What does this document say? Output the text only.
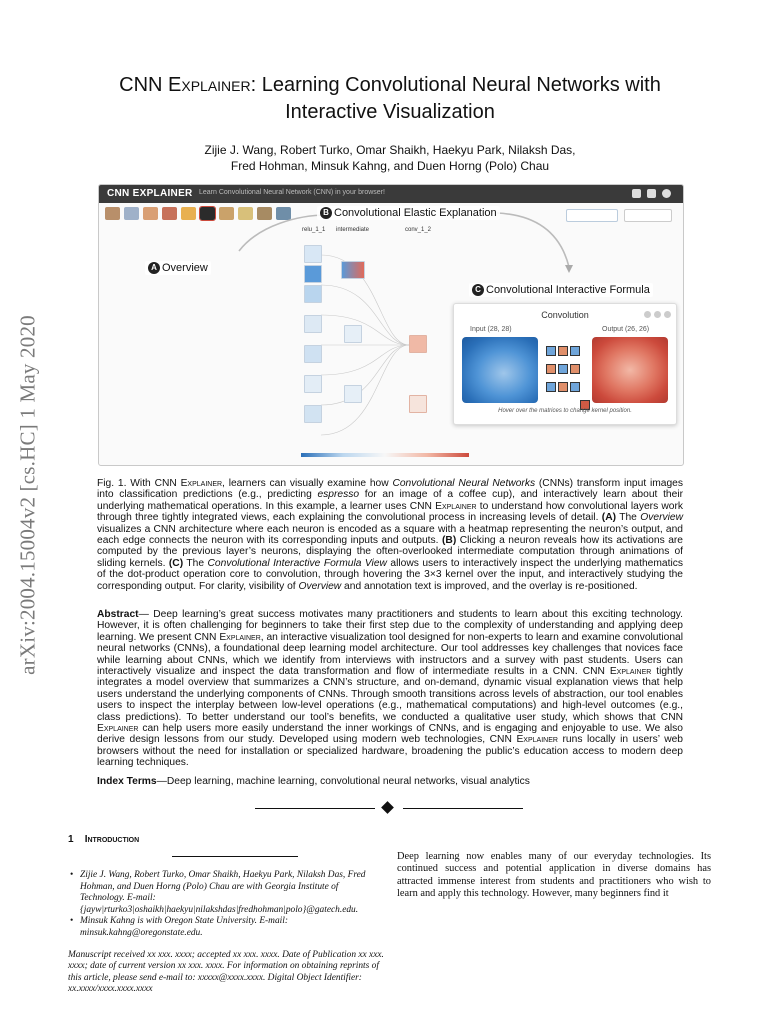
arXiv:2004.15004v2 [cs.HC] 1 May 2020
CNN Explainer: Learning Convolutional Neural Networks with
Interactive Visualization
Zijie J. Wang, Robert Turko, Omar Shaikh, Haekyu Park, Nilaksh Das,
Fred Hohman, Minsuk Kahng, and Duen Horng (Polo) Chau
CNN EXPLAINER Learn Convolutional Neural Network (CNN) in your browser!
relu_1_1 intermediate	conv_1_2
A Overview
B Convolutional Elastic Explanation
C Convolutional Interactive Formula
Convolution
Input (28, 28)	Output (26, 26)
Hover over the matrices to change kernel position.
Fig. 1. With CNN Explainer, learners can visually examine how Convolutional Neural Networks (CNNs) transform input images into classification predictions (e.g., predicting espresso for an image of a coffee cup), and interactively learn about their underlying mathematical operations. In this example, a learner uses CNN Explainer to understand how convolutional layers work through three tightly integrated views, each explaining the convolutional process in increasing levels of detail. (A) The Overview visualizes a CNN architecture where each neuron is encoded as a square with a heatmap representing the neuron’s output, and each edge connects the neuron with its corresponding inputs and outputs. (B) Clicking a neuron reveals how its activations are computed by the previous layer’s neurons, displaying the often-overlooked intermediate computation through animations of sliding kernels. (C) The Convolutional Interactive Formula View allows users to interactively inspect the underlying mathematics of the dot-product operation core to convolution, through hovering the 3×3 kernel over the input, and interactively studying the corresponding output. For clarity, visibility of Overview and annotation text is improved, and the overlay is re-positioned.
Abstract— Deep learning’s great success motivates many practitioners and students to learn about this exciting technology. However, it is often challenging for beginners to take their first step due to the complexity of understanding and applying deep learning. We present CNN Explainer, an interactive visualization tool designed for non-experts to learn and examine convolutional neural networks (CNNs), a foundational deep learning model architecture. Our tool addresses key challenges that novices face while learning about CNNs, which we identify from interviews with instructors and a survey with past students. Users can interactively visualize and inspect the data transformation and flow of intermediate results in a CNN. CNN Explainer tightly integrates a model overview that summarizes a CNN’s structure, and on-demand, dynamic visual explanation views that help users understand the underlying components of CNNs. Through smooth transitions across levels of abstraction, our tool enables users to inspect the interplay between low-level operations (e.g., mathematical computations) and high-level outcomes (e.g., class predictions). To better understand our tool’s benefits, we conducted a qualitative user study, which shows that CNN Explainer can help users more easily understand the inner workings of CNNs, and is engaging and enjoyable to use. We also derive design lessons from our study. Developed using modern web technologies, CNN Explainer runs locally in users’ web browsers without the need for installation or specialized hardware, broadening the public’s education access to modern deep learning techniques.
Index Terms—Deep learning, machine learning, convolutional neural networks, visual analytics
1 Introduction

• Zijie J. Wang, Robert Turko, Omar Shaikh, Haekyu Park, Nilaksh Das, Fred Hohman, and Duen Horng (Polo) Chau are with Georgia Institute of Technology. E-mail: {jayw|rturko3|oshaikh|haekyu|nilakshdas|fredhohman|polo}@gatech.edu.

• Minsuk Kahng is with Oregon State University. E-mail: minsuk.kahng@oregonstate.edu.

Manuscript received xx xxx. xxxx; accepted xx xxx. xxxx. Date of Publication xx xxx. xxxx; date of current version xx xxx. xxxx. For information on obtaining reprints of this article, please send e-mail to: xxxxx@xxxx.xxxx. Digital Object Identifier: xx.xxxx/xxxx.xxxx.xxxx

Deep learning now enables many of our everyday technologies. Its continued success and potential application in diverse domains has attracted immense interest from students and practitioners who wish to learn and apply this technology. However, many beginners find it
